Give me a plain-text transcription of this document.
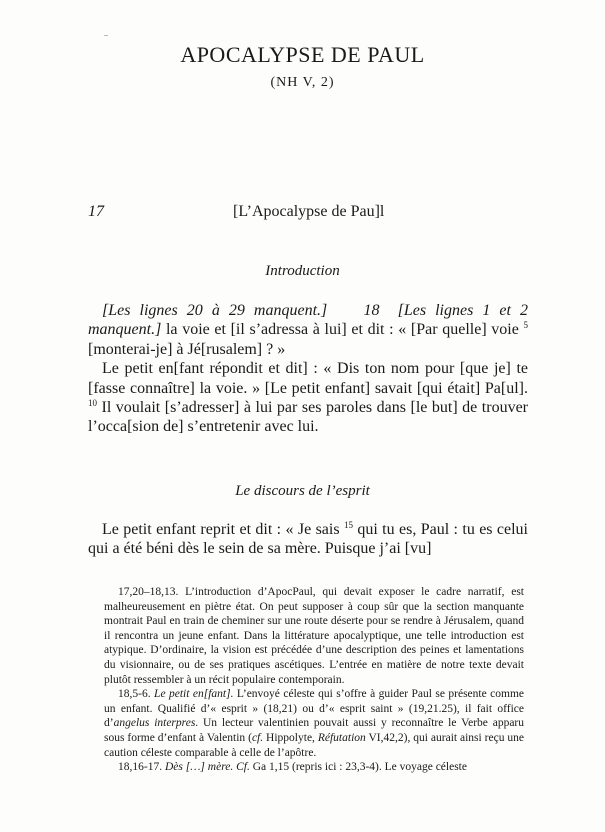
APOCALYPSE DE PAUL
(NH V, 2)
17	[L’Apocalypse de Pau]l
Introduction

[Les lignes 20 à 29 manquent.] 18 [Les lignes 1 et 2 manquent.] la voie et [il s’adressa à lui] et dit : « [Par quelle] voie $^5$ [monterai-je] à Jé[rusalem] ? »

Le petit en[fant répondit et dit] : « Dis ton nom pour [que je] te [fasse connaître] la voie. » [Le petit enfant] savait [qui était] Pa[ul]. $^{10}$ Il voulait [s’adresser] à lui par ses paroles dans [le but] de trouver l’occa[sion de] s’entretenir avec lui.

Le discours de l’esprit

Le petit enfant reprit et dit : « Je sais $^{15}$ qui tu es, Paul : tu es celui qui a été béni dès le sein de sa mère. Puisque j’ai [vu]

17,20–18,13. L’introduction d’ApocPaul, qui devait exposer le cadre narratif, est malheureusement en piètre état. On peut supposer à coup sûr que la section manquante montrait Paul en train de cheminer sur une route déserte pour se rendre à Jérusalem, quand il rencontra un jeune enfant. Dans la littérature apocalyptique, une telle introduction est atypique. D’ordinaire, la vision est précédée d’une description des peines et lamentations du visionnaire, ou de ses pratiques ascétiques. L’entrée en matière de notre texte devait plutôt ressembler à un récit populaire contemporain.

18,5-6. Le petit en[fant]. L’envoyé céleste qui s’offre à guider Paul se présente comme un enfant. Qualifié d’« esprit » (18,21) ou d’« esprit saint » (19,21.25), il fait office d’angelus interpres. Un lecteur valentinien pouvait aussi y reconnaître le Verbe apparu sous forme d’enfant à Valentin (cf. Hippolyte, Réfutation VI,42,2), qui aurait ainsi reçu une caution céleste comparable à celle de l’apôtre.

18,16-17. Dès […] mère. Cf. Ga 1,15 (repris ici : 23,3-4). Le voyage céleste
